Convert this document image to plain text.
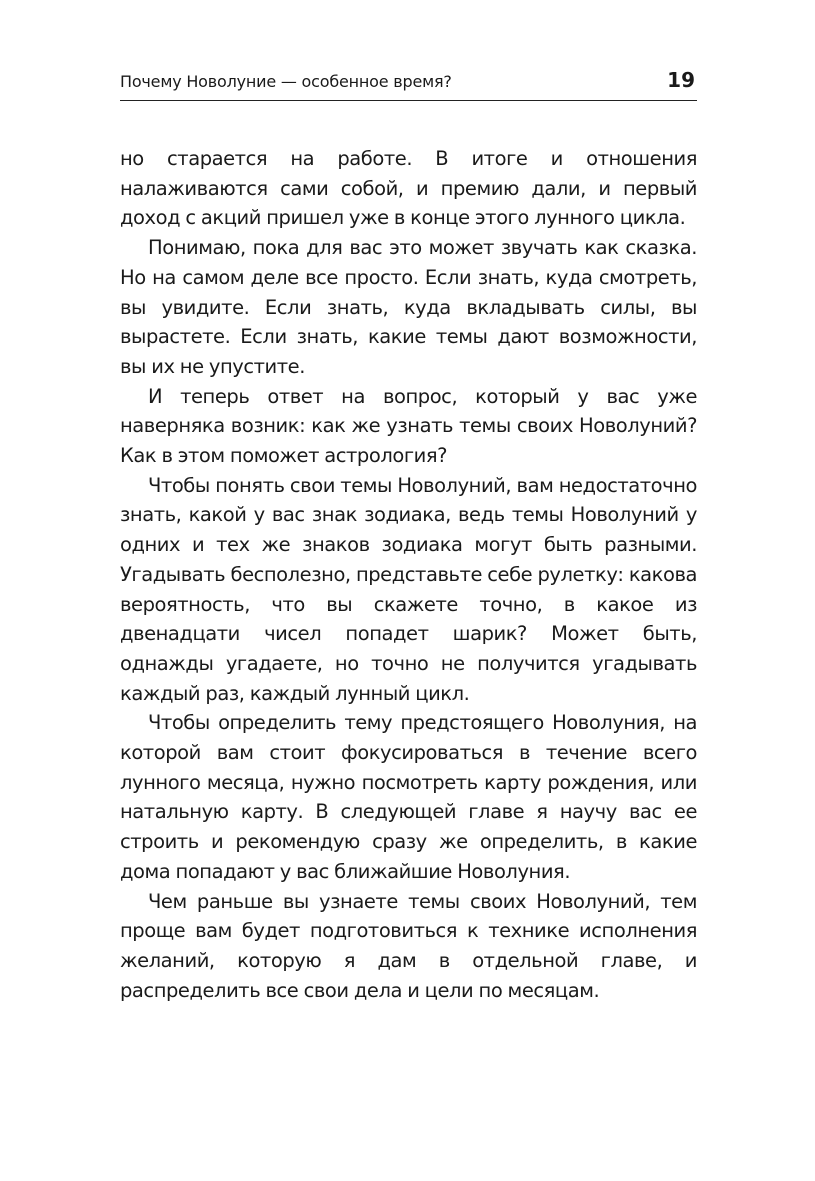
Почему Новолуние — особенное время?	19

но старается на работе. В итоге и отношения налаживаются сами собой, и премию дали, и первый доход с акций пришел уже в конце этого лунного цикла.

Понимаю, пока для вас это может звучать как сказка. Но на самом деле все просто. Если знать, куда смотреть, вы увидите. Если знать, куда вкладывать силы, вы вырастете. Если знать, какие темы дают возможности, вы их не упустите.

И теперь ответ на вопрос, который у вас уже наверняка возник: как же узнать темы своих Новолуний? Как в этом поможет астрология?

Чтобы понять свои темы Новолуний, вам недостаточно знать, какой у вас знак зодиака, ведь темы Новолуний у одних и тех же знаков зодиака могут быть разными. Угадывать бесполезно, представьте себе рулетку: какова вероятность, что вы скажете точно, в какое из двенадцати чисел попадет шарик? Может быть, однажды угадаете, но точно не получится угадывать каждый раз, каждый лунный цикл.

Чтобы определить тему предстоящего Новолуния, на которой вам стоит фокусироваться в течение всего лунного месяца, нужно посмотреть карту рождения, или натальную карту. В следующей главе я научу вас ее строить и рекомендую сразу же определить, в какие дома попадают у вас ближайшие Новолуния.

Чем раньше вы узнаете темы своих Новолуний, тем проще вам будет подготовиться к технике исполнения желаний, которую я дам в отдельной главе, и распределить все свои дела и цели по месяцам.
